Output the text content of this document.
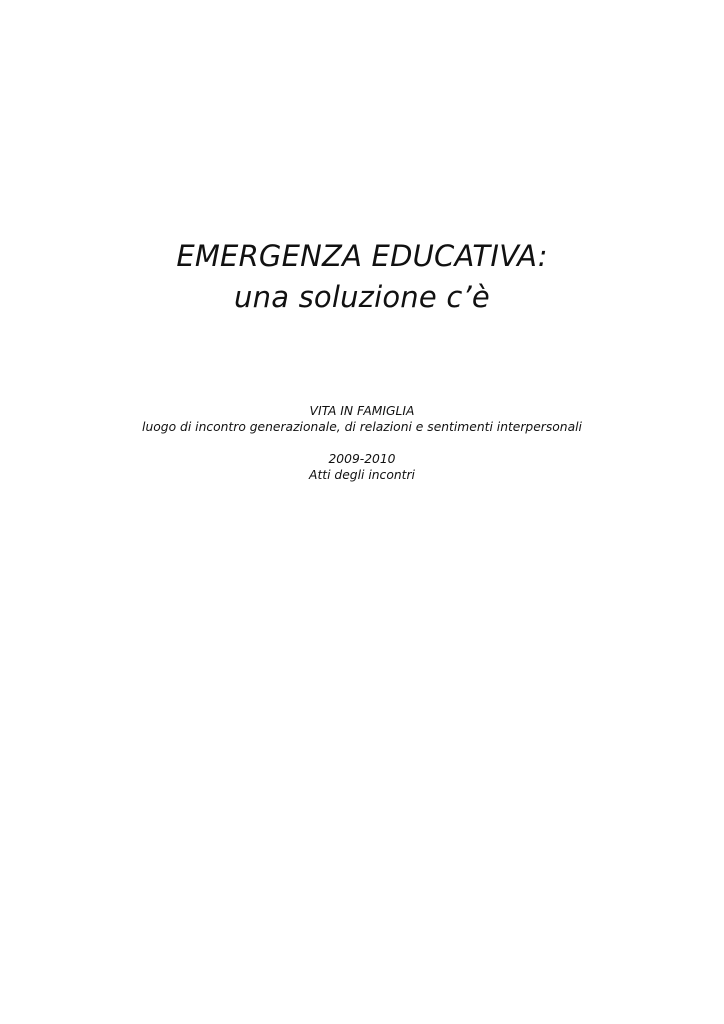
EMERGENZA EDUCATIVA:
una soluzione c’è
VITA IN FAMIGLIA
luogo di incontro generazionale, di relazioni e sentimenti interpersonali
2009-2010
Atti degli incontri
